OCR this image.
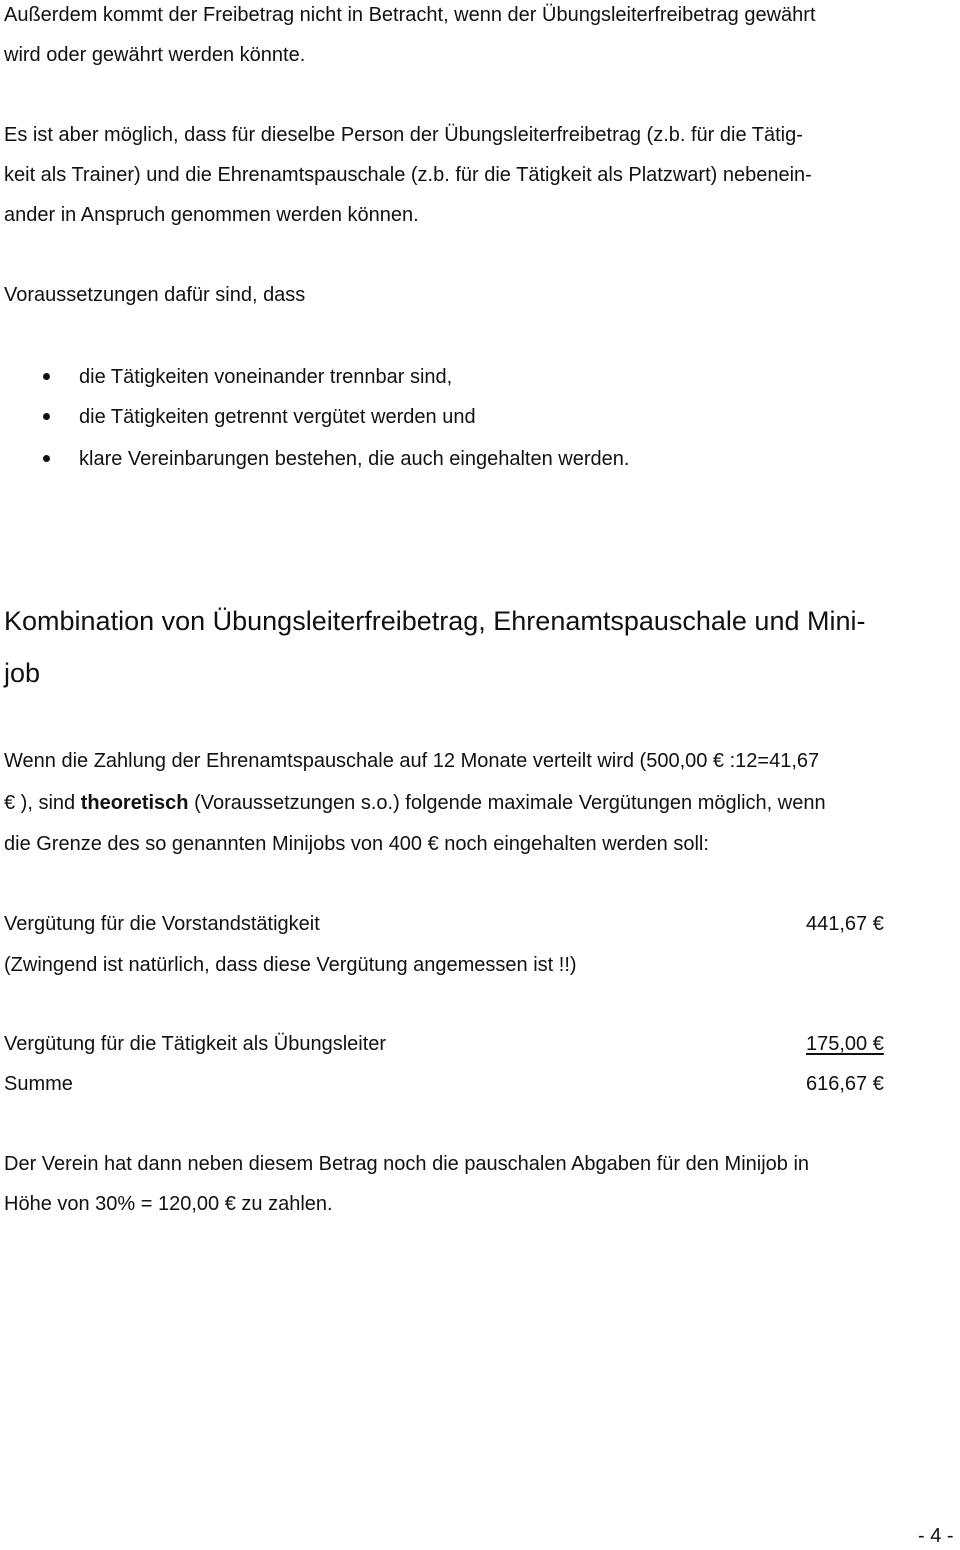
Außerdem kommt der Freibetrag nicht in Betracht, wenn der Übungsleiterfreibetrag gewährt

wird oder gewährt werden könnte.

Es ist aber möglich, dass für dieselbe Person der Übungsleiterfreibetrag (z.b. für die Tätig-

keit als Trainer) und die Ehrenamtspauschale (z.b. für die Tätigkeit als Platzwart) nebenein-

ander in Anspruch genommen werden können.

Voraussetzungen dafür sind, dass

die Tätigkeiten voneinander trennbar sind,

die Tätigkeiten getrennt vergütet werden und

klare Vereinbarungen bestehen, die auch eingehalten werden.

Kombination von Übungsleiterfreibetrag, Ehrenamtspauschale und Mini-
job

Wenn die Zahlung der Ehrenamtspauschale auf 12 Monate verteilt wird (500,00 € :12=41,67

€ ), sind theoretisch (Voraussetzungen s.o.) folgende maximale Vergütungen möglich, wenn

die Grenze des so genannten Minijobs von 400 € noch eingehalten werden soll:

Vergütung für die Vorstandstätigkeit	441,67 €

(Zwingend ist natürlich, dass diese Vergütung angemessen ist !!)

Vergütung für die Tätigkeit als Übungsleiter	175,00 €

Summe	616,67 €

Der Verein hat dann neben diesem Betrag noch die pauschalen Abgaben für den Minijob in

Höhe von 30% = 120,00 € zu zahlen.

- 4 -
